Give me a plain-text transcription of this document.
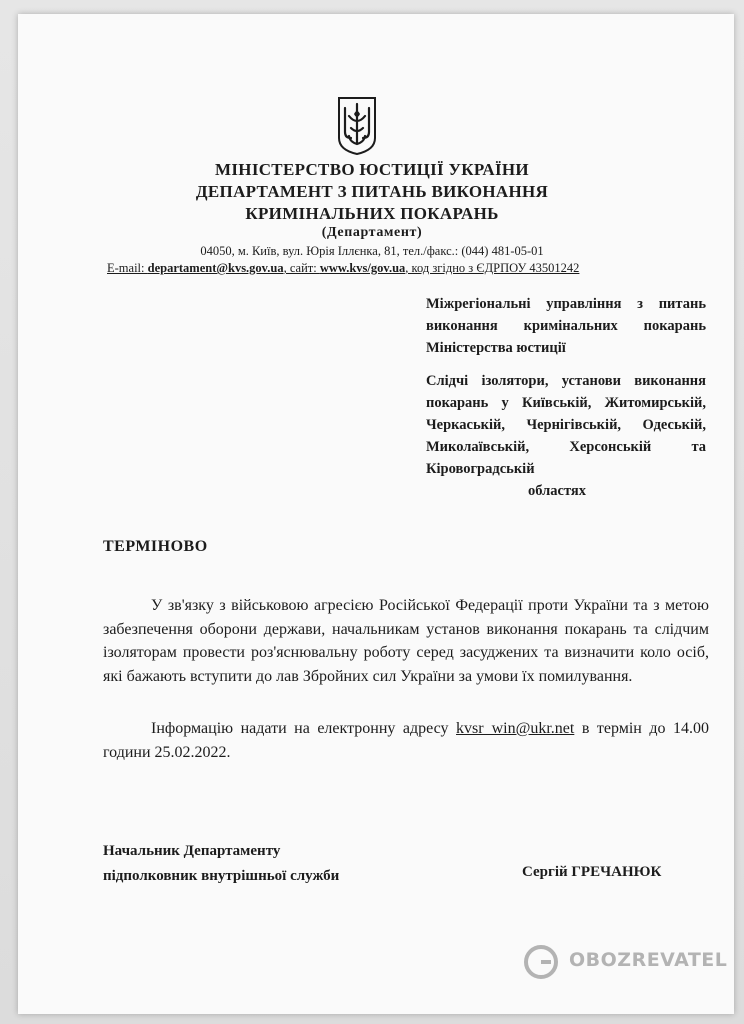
МІНІСТЕРСТВО ЮСТИЦІЇ УКРАЇНИ
ДЕПАРТАМЕНТ З ПИТАНЬ ВИКОНАННЯ
КРИМІНАЛЬНИХ ПОКАРАНЬ
(Департамент)
04050, м. Київ, вул. Юрія Іллєнка, 81, тел./факс.: (044) 481-05-01
E-mail: departament@kvs.gov.ua, сайт: www.kvs/gov.ua, код згідно з ЄДРПОУ 43501242
Міжрегіональні управління з питань виконання кримінальних покарань Міністерства юстиції
Слідчі ізолятори, установи виконання покарань у Київській, Житомирській, Черкаській, Чернігівській, Одеській, Миколаївській, Херсонській та Кіровоградській
областях
ТЕРМІНОВО
У зв'язку з військовою агресією Російської Федерації проти України та з метою забезпечення оборони держави, начальникам установ виконання покарань та слідчим ізоляторам провести роз'яснювальну роботу серед засуджених та визначити коло осіб, які бажають вступити до лав Збройних сил України за умови їх помилування.
Інформацію надати на електронну адресу kvsr_win@ukr.net в термін до 14.00 години 25.02.2022.
Начальник Департаменту
підполковник внутрішньої служби	Сергій ГРЕЧАНЮК
OBOZREVATEL
